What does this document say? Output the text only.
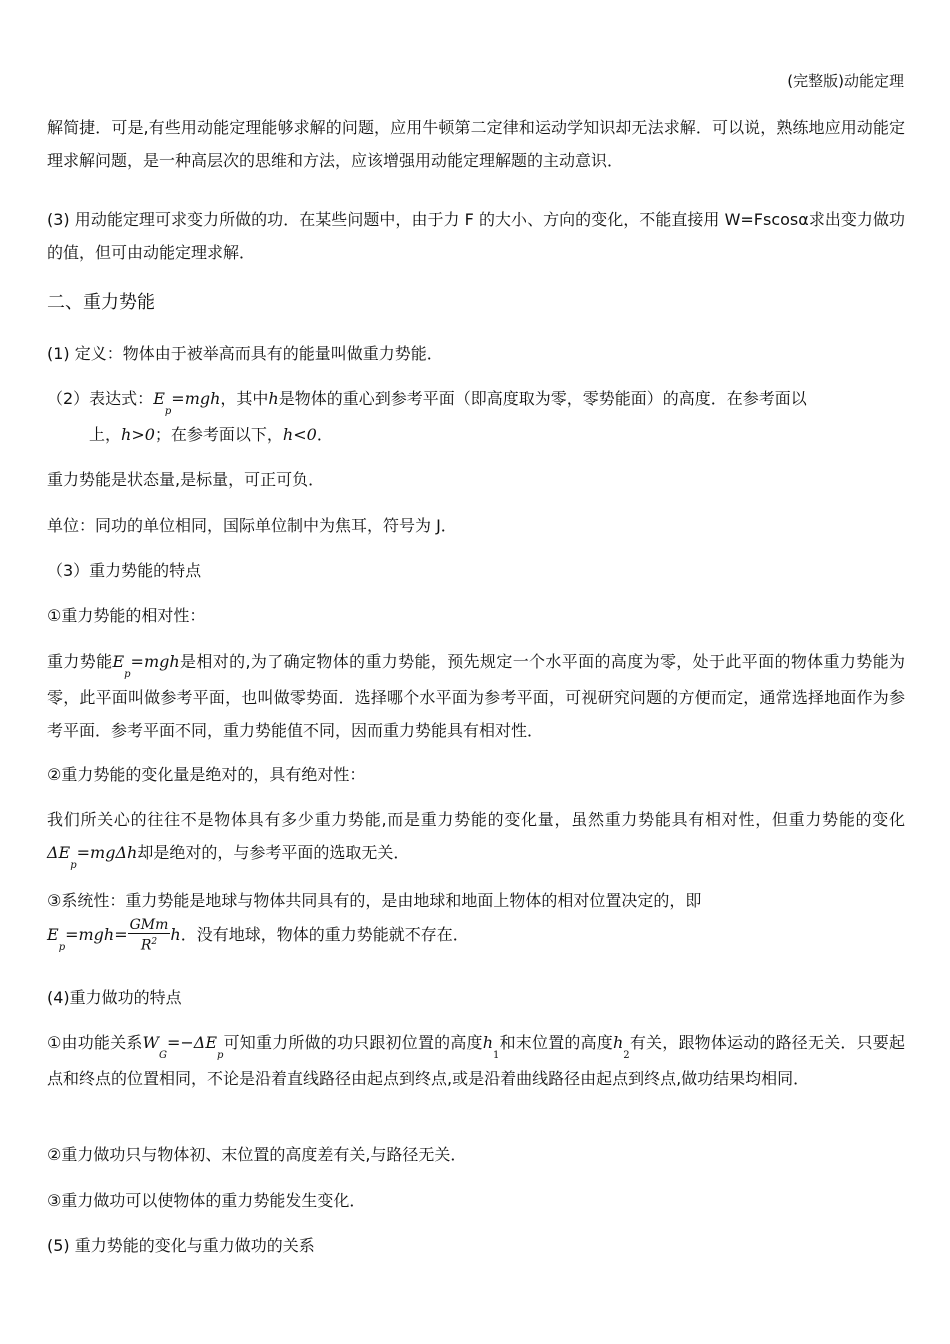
(完整版)动能定理
解简捷．可是,有些用动能定理能够求解的问题，应用牛顿第二定律和运动学知识却无法求解．可以说，熟练地应用动能定理求解问题，是一种高层次的思维和方法，应该增强用动能定理解题的主动意识．
(3) 用动能定理可求变力所做的功．在某些问题中，由于力 F 的大小、方向的变化，不能直接用 W=Fscosα求出变力做功的值，但可由动能定理求解．
二、重力势能
(1) 定义：物体由于被举高而具有的能量叫做重力势能．
（2）表达式：$E_p=mgh$，其中h是物体的重心到参考平面（即高度取为零，零势能面）的高度．在参考面以
上，h>0；在参考面以下，h<0．
重力势能是状态量,是标量，可正可负．
单位：同功的单位相同，国际单位制中为焦耳，符号为 J．
（3）重力势能的特点
①重力势能的相对性：
重力势能$E_p=mgh$是相对的,为了确定物体的重力势能，预先规定一个水平面的高度为零，处于此平面的物体重力势能为零，此平面叫做参考平面，也叫做零势面．选择哪个水平面为参考平面，可视研究问题的方便而定，通常选择地面作为参考平面．参考平面不同，重力势能值不同，因而重力势能具有相对性．
②重力势能的变化量是绝对的，具有绝对性：
我们所关心的往往不是物体具有多少重力势能,而是重力势能的变化量，虽然重力势能具有相对性，但重力势能的变化$\Delta E_p=mg\Delta h$却是绝对的，与参考平面的选取无关．
③系统性：重力势能是地球与物体共同具有的，是由地球和地面上物体的相对位置决定的，即
$E_p=mgh= \frac{\text{GMm}}{R^2}$ h．没有地球，物体的重力势能就不存在．
(4)重力做功的特点
①由功能关系$W_G=-\Delta E_p$可知重力所做的功只跟初位置的高度$h_1$和末位置的高度$h_2$有关，跟物体运动的路径无关．只要起点和终点的位置相同，不论是沿着直线路径由起点到终点,或是沿着曲线路径由起点到终点,做功结果均相同．
②重力做功只与物体初、末位置的高度差有关,与路径无关．
③重力做功可以使物体的重力势能发生变化．
(5) 重力势能的变化与重力做功的关系
